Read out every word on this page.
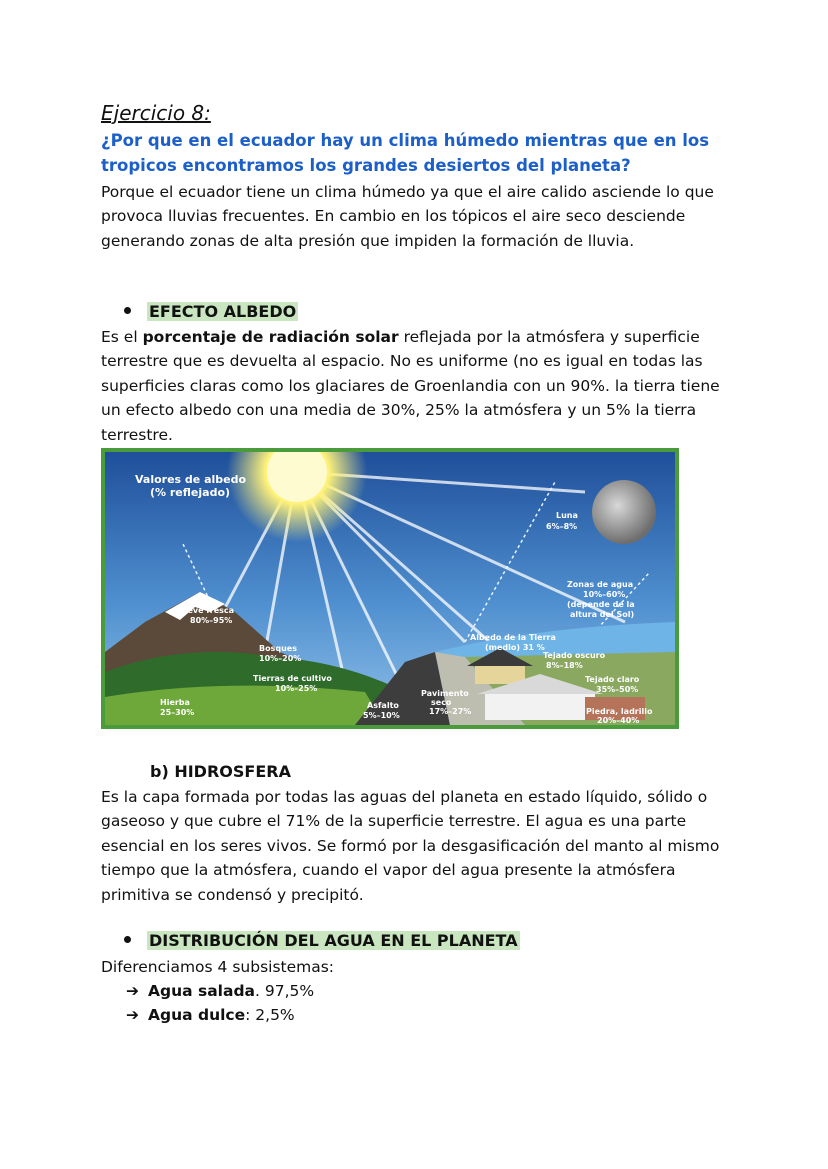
Ejercicio 8:
¿Por que en el ecuador hay un clima húmedo mientras que en los tropicos encontramos los grandes desiertos del planeta?
Porque el ecuador tiene un clima húmedo ya que el aire calido asciende lo que provoca lluvias frecuentes. En cambio en los tópicos el aire seco desciende generando zonas de alta presión que impiden la formación de lluvia.
EFECTO ALBEDO
Es el porcentaje de radiación solar reflejada por la atmósfera y superficie terrestre que es devuelta al espacio. No es uniforme (no es igual en todas las superficies claras como los glaciares de Groenlandia con un 90%. la tierra tiene un efecto albedo con una media de 30%, 25% la atmósfera y un 5% la tierra terrestre.
Valores de albedo
(% reflejado)
Luna
6%–8%
Zonas de agua
10%–60%
(depende de la
altura del Sol)
Nieve fresca
80%–95%
Bosques
10%–20%
Albedo de la Tierra
(medio) 31 %
Tejado oscuro
8%–18%
Tierras de cultivo
10%–25%
Tejado claro
35%–50%
Pavimento
seco
17%–27%
Hierba
25–30%
Asfalto
5%–10%	Piedra, ladrillo
20%–40%
b) HIDROSFERA
Es la capa formada por todas las aguas del planeta en estado líquido, sólido o gaseoso y que cubre el 71% de la superficie terrestre. El agua es una parte esencial en los seres vivos. Se formó por la desgasificación del manto al mismo tiempo que la atmósfera, cuando el vapor del agua presente la atmósfera primitiva se condensó y precipitó.
DISTRIBUCIÓN DEL AGUA EN EL PLANETA
Diferenciamos 4 subsistemas:
➔ Agua salada. 97,5%
➔ Agua dulce: 2,5%
